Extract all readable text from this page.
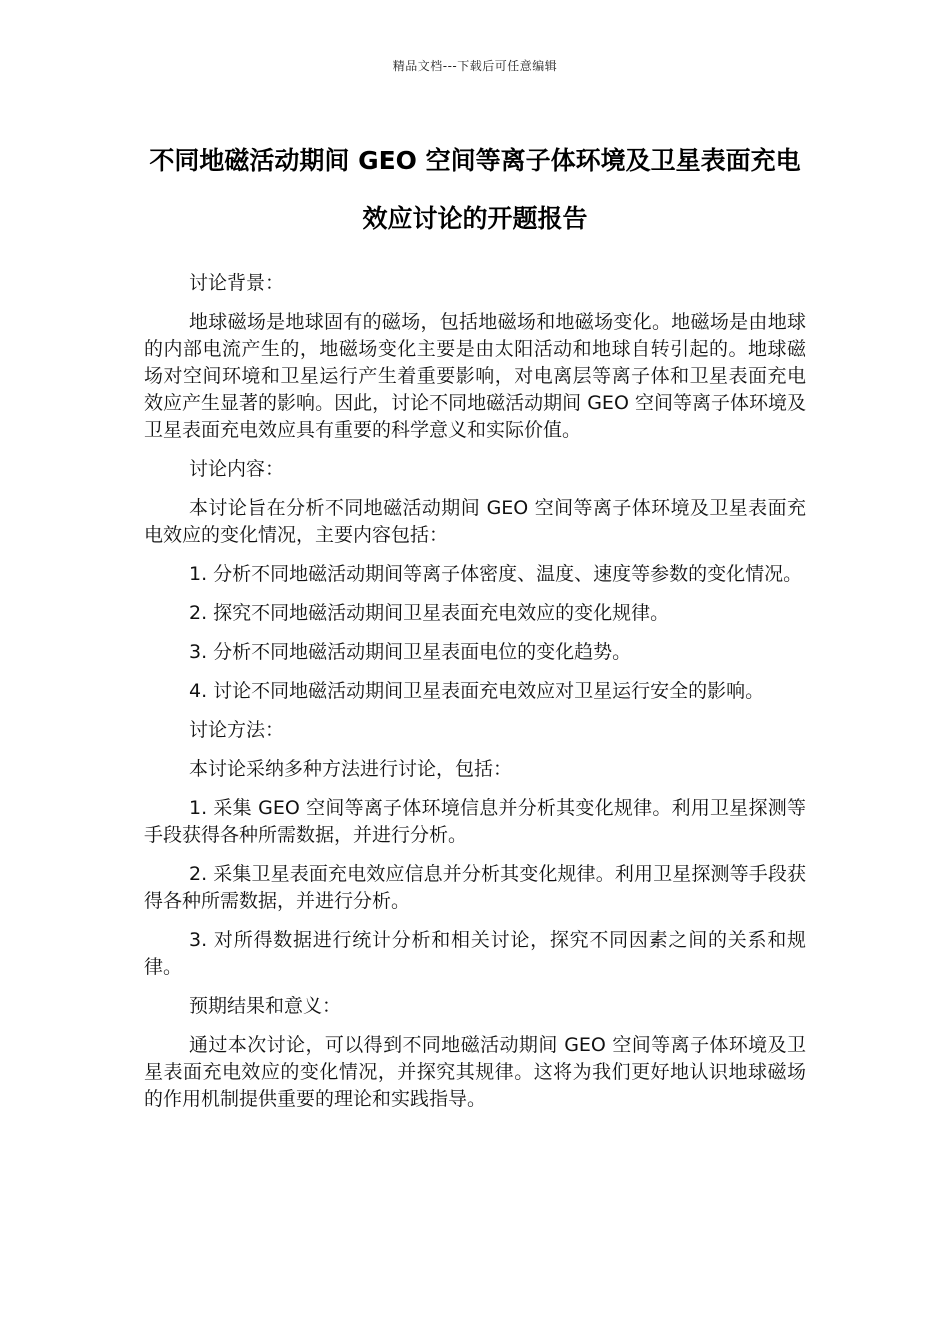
精品文档---下载后可任意编辑
不同地磁活动期间 GEO 空间等离子体环境及卫星表面充电效应讨论的开题报告

讨论背景：

地球磁场是地球固有的磁场，包括地磁场和地磁场变化。地磁场是由地球的内部电流产生的，地磁场变化主要是由太阳活动和地球自转引起的。地球磁场对空间环境和卫星运行产生着重要影响，对电离层等离子体和卫星表面充电效应产生显著的影响。因此，讨论不同地磁活动期间 GEO 空间等离子体环境及卫星表面充电效应具有重要的科学意义和实际价值。

讨论内容：

本讨论旨在分析不同地磁活动期间 GEO 空间等离子体环境及卫星表面充电效应的变化情况，主要内容包括：

1. 分析不同地磁活动期间等离子体密度、温度、速度等参数的变化情况。

2. 探究不同地磁活动期间卫星表面充电效应的变化规律。

3. 分析不同地磁活动期间卫星表面电位的变化趋势。

4. 讨论不同地磁活动期间卫星表面充电效应对卫星运行安全的影响。

讨论方法：

本讨论采纳多种方法进行讨论，包括：

1. 采集 GEO 空间等离子体环境信息并分析其变化规律。利用卫星探测等手段获得各种所需数据，并进行分析。

2. 采集卫星表面充电效应信息并分析其变化规律。利用卫星探测等手段获得各种所需数据，并进行分析。

3. 对所得数据进行统计分析和相关讨论，探究不同因素之间的关系和规律。

预期结果和意义：

通过本次讨论，可以得到不同地磁活动期间 GEO 空间等离子体环境及卫星表面充电效应的变化情况，并探究其规律。这将为我们更好地认识地球磁场的作用机制提供重要的理论和实践指导。
